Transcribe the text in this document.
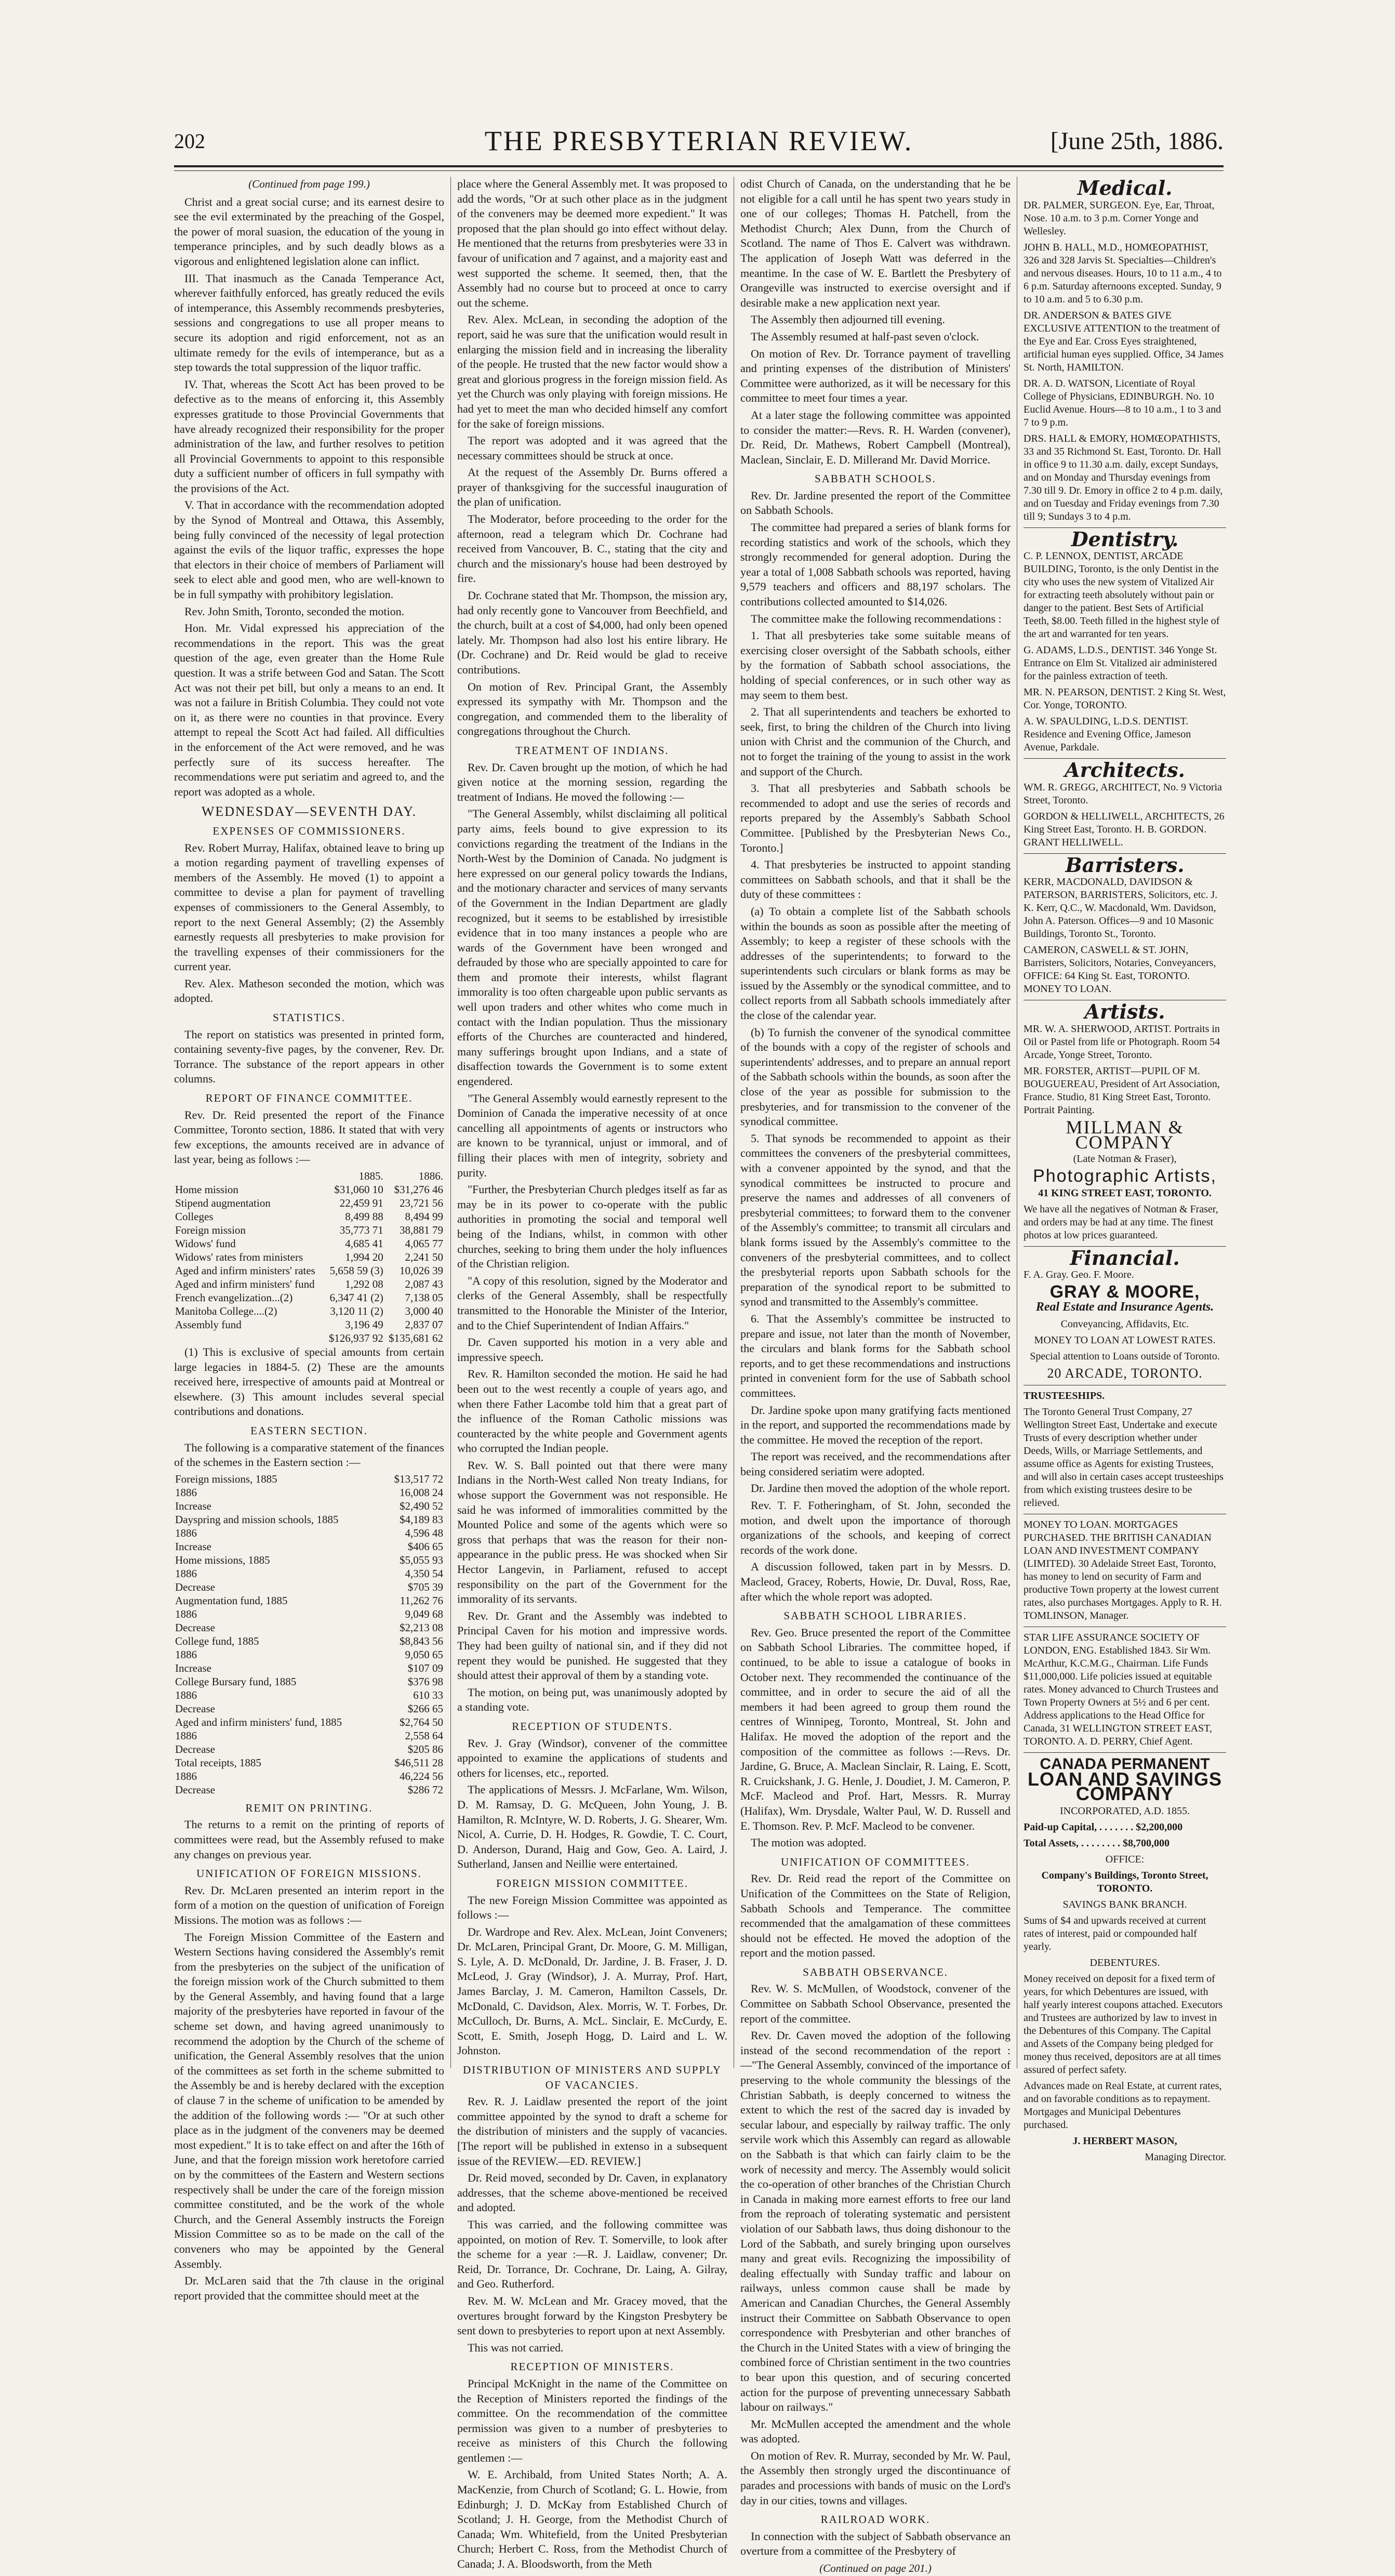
202	THE PRESBYTERIAN REVIEW.	[June 25th, 1886.
(Continued from page 199.)

Christ and a great social curse; and its earnest desire to see the evil exterminated by the preaching of the Gospel, the power of moral suasion, the education of the young in temperance principles, and by such deadly blows as a vigorous and enlightened legislation alone can inflict.

III. That inasmuch as the Canada Temperance Act, wherever faithfully enforced, has greatly reduced the evils of intemperance, this Assembly recommends presbyteries, sessions and congregations to use all proper means to secure its adoption and rigid enforcement, not as an ultimate remedy for the evils of intemperance, but as a step towards the total suppression of the liquor traffic.

IV. That, whereas the Scott Act has been proved to be defective as to the means of enforcing it, this Assembly expresses gratitude to those Provincial Governments that have already recognized their responsibility for the proper administration of the law, and further resolves to petition all Provincial Governments to appoint to this responsible duty a sufficient number of officers in full sympathy with the provisions of the Act.

V. That in accordance with the recommendation adopted by the Synod of Montreal and Ottawa, this Assembly, being fully convinced of the necessity of legal protection against the evils of the liquor traffic, expresses the hope that electors in their choice of members of Parliament will seek to elect able and good men, who are well-known to be in full sympathy with prohibitory legislation.

Rev. John Smith, Toronto, seconded the motion.

Hon. Mr. Vidal expressed his appreciation of the recommendations in the report. This was the great question of the age, even greater than the Home Rule question. It was a strife between God and Satan. The Scott Act was not their pet bill, but only a means to an end. It was not a failure in British Columbia. They could not vote on it, as there were no counties in that province. Every attempt to repeal the Scott Act had failed. All difficulties in the enforcement of the Act were removed, and he was perfectly sure of its success hereafter. The recommendations were put seriatim and agreed to, and the report was adopted as a whole.

WEDNESDAY—SEVENTH DAY.
EXPENSES OF COMMISSIONERS.

Rev. Robert Murray, Halifax, obtained leave to bring up a motion regarding payment of travelling expenses of members of the Assembly. He moved (1) to appoint a committee to devise a plan for payment of travelling expenses of commissioners to the General Assembly, to report to the next General Assembly; (2) the Assembly earnestly requests all presbyteries to make provision for the travelling expenses of their commissioners for the current year.

Rev. Alex. Matheson seconded the motion, which was adopted.

STATISTICS.

The report on statistics was presented in printed form, containing seventy-five pages, by the convener, Rev. Dr. Torrance. The substance of the report appears in other columns.

REPORT OF FINANCE COMMITTEE.

Rev. Dr. Reid presented the report of the Finance Committee, Toronto section, 1886. It stated that with very few exceptions, the amounts received are in advance of last year, being as follows :—

	1885.	1886.
Home mission	$31,060 10	$31,276 46
Stipend augmentation	22,459 91	23,721 56
Colleges	8,499 88	8,494 99
Foreign mission	35,773 71	38,881 79
Widows' fund	4,685 41	4,065 77
Widows' rates from ministers	1,994 20	2,241 50
Aged and infirm ministers' rates	5,658 59 (3)	10,026 39
Aged and infirm ministers' fund	1,292 08	2,087 43
French evangelization...(2)	6,347 41 (2)	7,138 05
Manitoba College....(2)	3,120 11 (2)	3,000 40
Assembly fund	3,196 49	2,837 07
	$126,937 92	$135,681 62

(1) This is exclusive of special amounts from certain large legacies in 1884-5. (2) These are the amounts received here, irrespective of amounts paid at Montreal or elsewhere. (3) This amount includes several special contributions and donations.

EASTERN SECTION.

The following is a comparative statement of the finances of the schemes in the Eastern section :—

Foreign missions, 1885	$13,517 72
1886	16,008 24
Increase	$2,490 52
Dayspring and mission schools, 1885	$4,189 83
1886	4,596 48
Increase	$406 65
Home missions, 1885	$5,055 93
1886	4,350 54
Decrease	$705 39
Augmentation fund, 1885	11,262 76
1886	9,049 68
Decrease	$2,213 08
College fund, 1885	$8,843 56
1886	9,050 65
Increase	$107 09
College Bursary fund, 1885	$376 98
1886	610 33
Decrease	$266 65
Aged and infirm ministers' fund, 1885	$2,764 50
1886	2,558 64
Decrease	$205 86
Total receipts, 1885	$46,511 28
1886	46,224 56
Decrease	$286 72
REMIT ON PRINTING.

The returns to a remit on the printing of reports of committees were read, but the Assembly refused to make any changes on previous year.

UNIFICATION OF FOREIGN MISSIONS.

Rev. Dr. McLaren presented an interim report in the form of a motion on the question of unification of Foreign Missions. The motion was as follows :—

The Foreign Mission Committee of the Eastern and Western Sections having considered the Assembly's remit from the presbyteries on the subject of the unification of the foreign mission work of the Church submitted to them by the General Assembly, and having found that a large majority of the presbyteries have reported in favour of the scheme set down, and having agreed unanimously to recommend the adoption by the Church of the scheme of unification, the General Assembly resolves that the union of the committees as set forth in the scheme submitted to the Assembly be and is hereby declared with the exception of clause 7 in the scheme of unification to be amended by the addition of the following words :— "Or at such other place as in the judgment of the conveners may be deemed most expedient." It is to take effect on and after the 16th of June, and that the foreign mission work heretofore carried on by the committees of the Eastern and Western sections respectively shall be under the care of the foreign mission committee constituted, and be the work of the whole Church, and the General Assembly instructs the Foreign Mission Committee so as to be made on the call of the conveners who may be appointed by the General Assembly.

Dr. McLaren said that the 7th clause in the original report provided that the committee should meet at the

place where the General Assembly met. It was proposed to add the words, "Or at such other place as in the judgment of the conveners may be deemed more expedient." It was proposed that the plan should go into effect without delay. He mentioned that the returns from presbyteries were 33 in favour of unification and 7 against, and a majority east and west supported the scheme. It seemed, then, that the Assembly had no course but to proceed at once to carry out the scheme.

Rev. Alex. McLean, in seconding the adoption of the report, said he was sure that the unification would result in enlarging the mission field and in increasing the liberality of the people. He trusted that the new factor would show a great and glorious progress in the foreign mission field. As yet the Church was only playing with foreign missions. He had yet to meet the man who decided himself any comfort for the sake of foreign missions.

The report was adopted and it was agreed that the necessary committees should be struck at once.

At the request of the Assembly Dr. Burns offered a prayer of thanksgiving for the successful inauguration of the plan of unification.

The Moderator, before proceeding to the order for the afternoon, read a telegram which Dr. Cochrane had received from Vancouver, B. C., stating that the city and church and the missionary's house had been destroyed by fire.

Dr. Cochrane stated that Mr. Thompson, the mission ary, had only recently gone to Vancouver from Beechfield, and the church, built at a cost of $4,000, had only been opened lately. Mr. Thompson had also lost his entire library. He (Dr. Cochrane) and Dr. Reid would be glad to receive contributions.

On motion of Rev. Principal Grant, the Assembly expressed its sympathy with Mr. Thompson and the congregation, and commended them to the liberality of congregations throughout the Church.

TREATMENT OF INDIANS.

Rev. Dr. Caven brought up the motion, of which he had given notice at the morning session, regarding the treatment of Indians. He moved the following :—

"The General Assembly, whilst disclaiming all political party aims, feels bound to give expression to its convictions regarding the treatment of the Indians in the North-West by the Dominion of Canada. No judgment is here expressed on our general policy towards the Indians, and the motionary character and services of many servants of the Government in the Indian Department are gladly recognized, but it seems to be established by irresistible evidence that in too many instances a people who are wards of the Government have been wronged and defrauded by those who are specially appointed to care for them and promote their interests, whilst flagrant immorality is too often chargeable upon public servants as well upon traders and other whites who come much in contact with the Indian population. Thus the missionary efforts of the Churches are counteracted and hindered, many sufferings brought upon Indians, and a state of disaffection towards the Government is to some extent engendered.

"The General Assembly would earnestly represent to the Dominion of Canada the imperative necessity of at once cancelling all appointments of agents or instructors who are known to be tyrannical, unjust or immoral, and of filling their places with men of integrity, sobriety and purity.

"Further, the Presbyterian Church pledges itself as far as may be in its power to co-operate with the public authorities in promoting the social and temporal well being of the Indians, whilst, in common with other churches, seeking to bring them under the holy influences of the Christian religion.

"A copy of this resolution, signed by the Moderator and clerks of the General Assembly, shall be respectfully transmitted to the Honorable the Minister of the Interior, and to the Chief Superintendent of Indian Affairs."

Dr. Caven supported his motion in a very able and impressive speech.

Rev. R. Hamilton seconded the motion. He said he had been out to the west recently a couple of years ago, and when there Father Lacombe told him that a great part of the influence of the Roman Catholic missions was counteracted by the white people and Government agents who corrupted the Indian people.

Rev. W. S. Ball pointed out that there were many Indians in the North-West called Non treaty Indians, for whose support the Government was not responsible. He said he was informed of immoralities committed by the Mounted Police and some of the agents which were so gross that perhaps that was the reason for their non-appearance in the public press. He was shocked when Sir Hector Langevin, in Parliament, refused to accept responsibility on the part of the Government for the immorality of its servants.

Rev. Dr. Grant and the Assembly was indebted to Principal Caven for his motion and impressive words. They had been guilty of national sin, and if they did not repent they would be punished. He suggested that they should attest their approval of them by a standing vote.

The motion, on being put, was unanimously adopted by a standing vote.

RECEPTION OF STUDENTS.

Rev. J. Gray (Windsor), convener of the committee appointed to examine the applications of students and others for licenses, etc., reported.

The applications of Messrs. J. McFarlane, Wm. Wilson, D. M. Ramsay, D. G. McQueen, John Young, J. B. Hamilton, R. McIntyre, W. D. Roberts, J. G. Shearer, Wm. Nicol, A. Currie, D. H. Hodges, R. Gowdie, T. C. Court, D. Anderson, Durand, Haig and Gow, Geo. A. Laird, J. Sutherland, Jansen and Neillie were entertained.

FOREIGN MISSION COMMITTEE.

The new Foreign Mission Committee was appointed as follows :—

Dr. Wardrope and Rev. Alex. McLean, Joint Conveners; Dr. McLaren, Principal Grant, Dr. Moore, G. M. Milligan, S. Lyle, A. D. McDonald, Dr. Jardine, J. B. Fraser, J. D. McLeod, J. Gray (Windsor), J. A. Murray, Prof. Hart, James Barclay, J. M. Cameron, Hamilton Cassels, Dr. McDonald, C. Davidson, Alex. Morris, W. T. Forbes, Dr. McCulloch, Dr. Burns, A. McL. Sinclair, E. McCurdy, E. Scott, E. Smith, Joseph Hogg, D. Laird and L. W. Johnston.

DISTRIBUTION OF MINISTERS AND SUPPLY OF VACANCIES.

Rev. R. J. Laidlaw presented the report of the joint committee appointed by the synod to draft a scheme for the distribution of ministers and the supply of vacancies. [The report will be published in extenso in a subsequent issue of the REVIEW.—ED. REVIEW.]

Dr. Reid moved, seconded by Dr. Caven, in explanatory addresses, that the scheme above-mentioned be received and adopted.

This was carried, and the following committee was appointed, on motion of Rev. T. Somerville, to look after the scheme for a year :—R. J. Laidlaw, convener; Dr. Reid, Dr. Torrance, Dr. Cochrane, Dr. Laing, A. Gilray, and Geo. Rutherford.

Rev. M. W. McLean and Mr. Gracey moved, that the overtures brought forward by the Kingston Presbytery be sent down to presbyteries to report upon at next Assembly.

This was not carried.

RECEPTION OF MINISTERS.

Principal McKnight in the name of the Committee on the Reception of Ministers reported the findings of the committee. On the recommendation of the committee permission was given to a number of presbyteries to receive as ministers of this Church the following gentlemen :—

W. E. Archibald, from United States North; A. A. MacKenzie, from Church of Scotland; G. L. Howie, from Edinburgh; J. D. McKay from Established Church of Scotland; J. H. George, from the Methodist Church of Canada; Wm. Whitefield, from the United Presbyterian Church; Herbert C. Ross, from the Methodist Church of Canada; J. A. Bloodsworth, from the Meth

odist Church of Canada, on the understanding that he be not eligible for a call until he has spent two years study in one of our colleges; Thomas H. Patchell, from the Methodist Church; Alex Dunn, from the Church of Scotland. The name of Thos E. Calvert was withdrawn. The application of Joseph Watt was deferred in the meantime. In the case of W. E. Bartlett the Presbytery of Orangeville was instructed to exercise oversight and if desirable make a new application next year.

The Assembly then adjourned till evening.

The Assembly resumed at half-past seven o'clock.

On motion of Rev. Dr. Torrance payment of travelling and printing expenses of the distribution of Ministers' Committee were authorized, as it will be necessary for this committee to meet four times a year.

At a later stage the following committee was appointed to consider the matter:—Revs. R. H. Warden (convener), Dr. Reid, Dr. Mathews, Robert Campbell (Montreal), Maclean, Sinclair, E. D. Millerand Mr. David Morrice.

SABBATH SCHOOLS.

Rev. Dr. Jardine presented the report of the Committee on Sabbath Schools.

The committee had prepared a series of blank forms for recording statistics and work of the schools, which they strongly recommended for general adoption. During the year a total of 1,008 Sabbath schools was reported, having 9,579 teachers and officers and 88,197 scholars. The contributions collected amounted to $14,026.

The committee make the following recommendations :

1. That all presbyteries take some suitable means of exercising closer oversight of the Sabbath schools, either by the formation of Sabbath school associations, the holding of special conferences, or in such other way as may seem to them best.

2. That all superintendents and teachers be exhorted to seek, first, to bring the children of the Church into living union with Christ and the communion of the Church, and not to forget the training of the young to assist in the work and support of the Church.

3. That all presbyteries and Sabbath schools be recommended to adopt and use the series of records and reports prepared by the Assembly's Sabbath School Committee. [Published by the Presbyterian News Co., Toronto.]

4. That presbyteries be instructed to appoint standing committees on Sabbath schools, and that it shall be the duty of these committees :

(a) To obtain a complete list of the Sabbath schools within the bounds as soon as possible after the meeting of Assembly; to keep a register of these schools with the addresses of the superintendents; to forward to the superintendents such circulars or blank forms as may be issued by the Assembly or the synodical committee, and to collect reports from all Sabbath schools immediately after the close of the calendar year.

(b) To furnish the convener of the synodical committee of the bounds with a copy of the register of schools and superintendents' addresses, and to prepare an annual report of the Sabbath schools within the bounds, as soon after the close of the year as possible for submission to the presbyteries, and for transmission to the convener of the synodical committee.

5. That synods be recommended to appoint as their committees the conveners of the presbyterial committees, with a convener appointed by the synod, and that the synodical committees be instructed to procure and preserve the names and addresses of all conveners of presbyterial committees; to forward them to the convener of the Assembly's committee; to transmit all circulars and blank forms issued by the Assembly's committee to the conveners of the presbyterial committees, and to collect the presbyterial reports upon Sabbath schools for the preparation of the synodical report to be submitted to synod and transmitted to the Assembly's committee.

6. That the Assembly's committee be instructed to prepare and issue, not later than the month of November, the circulars and blank forms for the Sabbath school reports, and to get these recommendations and instructions printed in convenient form for the use of Sabbath school committees.

Dr. Jardine spoke upon many gratifying facts mentioned in the report, and supported the recommendations made by the committee. He moved the reception of the report.

The report was received, and the recommendations after being considered seriatim were adopted.

Dr. Jardine then moved the adoption of the whole report.

Rev. T. F. Fotheringham, of St. John, seconded the motion, and dwelt upon the importance of thorough organizations of the schools, and keeping of correct records of the work done.

A discussion followed, taken part in by Messrs. D. Macleod, Gracey, Roberts, Howie, Dr. Duval, Ross, Rae, after which the whole report was adopted.

SABBATH SCHOOL LIBRARIES.

Rev. Geo. Bruce presented the report of the Committee on Sabbath School Libraries. The committee hoped, if continued, to be able to issue a catalogue of books in October next. They recommended the continuance of the committee, and in order to secure the aid of all the members it had been agreed to group them round the centres of Winnipeg, Toronto, Montreal, St. John and Halifax. He moved the adoption of the report and the composition of the committee as follows :—Revs. Dr. Jardine, G. Bruce, A. Maclean Sinclair, R. Laing, E. Scott, R. Cruickshank, J. G. Henle, J. Doudiet, J. M. Cameron, P. McF. Macleod and Prof. Hart, Messrs. R. Murray (Halifax), Wm. Drysdale, Walter Paul, W. D. Russell and E. Thomson. Rev. P. McF. Macleod to be convener.

The motion was adopted.

UNIFICATION OF COMMITTEES.

Rev. Dr. Reid read the report of the Committee on Unification of the Committees on the State of Religion, Sabbath Schools and Temperance. The committee recommended that the amalgamation of these committees should not be effected. He moved the adoption of the report and the motion passed.

SABBATH OBSERVANCE.

Rev. W. S. McMullen, of Woodstock, convener of the Committee on Sabbath School Observance, presented the report of the committee.

Rev. Dr. Caven moved the adoption of the following instead of the second recommendation of the report :—"The General Assembly, convinced of the importance of preserving to the whole community the blessings of the Christian Sabbath, is deeply concerned to witness the extent to which the rest of the sacred day is invaded by secular labour, and especially by railway traffic. The only servile work which this Assembly can regard as allowable on the Sabbath is that which can fairly claim to be the work of necessity and mercy. The Assembly would solicit the co-operation of other branches of the Christian Church in Canada in making more earnest efforts to free our land from the reproach of tolerating systematic and persistent violation of our Sabbath laws, thus doing dishonour to the Lord of the Sabbath, and surely bringing upon ourselves many and great evils. Recognizing the impossibility of dealing effectually with Sunday traffic and labour on railways, unless common cause shall be made by American and Canadian Churches, the General Assembly instruct their Committee on Sabbath Observance to open correspondence with Presbyterian and other branches of the Church in the United States with a view of bringing the combined force of Christian sentiment in the two countries to bear upon this question, and of securing concerted action for the purpose of preventing unnecessary Sabbath labour on railways."

Mr. McMullen accepted the amendment and the whole was adopted.

On motion of Rev. R. Murray, seconded by Mr. W. Paul, the Assembly then strongly urged the discontinuance of parades and processions with bands of music on the Lord's day in our cities, towns and villages.

RAILROAD WORK.

In connection with the subject of Sabbath observance an overture from a committee of the Presbytery of

(Continued on page 201.)
Medical.
DR. PALMER, SURGEON. Eye, Ear, Throat, Nose. 10 a.m. to 3 p.m. Corner Yonge and Wellesley.
JOHN B. HALL, M.D., HOMŒOPATHIST, 326 and 328 Jarvis St. Specialties—Children's and nervous diseases. Hours, 10 to 11 a.m., 4 to 6 p.m. Saturday afternoons excepted. Sunday, 9 to 10 a.m. and 5 to 6.30 p.m.
DR. ANDERSON & BATES GIVE EXCLUSIVE ATTENTION to the treatment of the Eye and Ear. Cross Eyes straightened, artificial human eyes supplied. Office, 34 James St. North, HAMILTON.
DR. A. D. WATSON, Licentiate of Royal College of Physicians, EDINBURGH. No. 10 Euclid Avenue. Hours—8 to 10 a.m., 1 to 3 and 7 to 9 p.m.
DRS. HALL & EMORY, HOMŒOPATHISTS, 33 and 35 Richmond St. East, Toronto. Dr. Hall in office 9 to 11.30 a.m. daily, except Sundays, and on Monday and Thursday evenings from 7.30 till 9. Dr. Emory in office 2 to 4 p.m. daily, and on Tuesday and Friday evenings from 7.30 till 9; Sundays 3 to 4 p.m.
Dentistry.
C. P. LENNOX, DENTIST, ARCADE BUILDING, Toronto, is the only Dentist in the city who uses the new system of Vitalized Air for extracting teeth absolutely without pain or danger to the patient. Best Sets of Artificial Teeth, $8.00. Teeth filled in the highest style of the art and warranted for ten years.
G. ADAMS, L.D.S., DENTIST. 346 Yonge St. Entrance on Elm St. Vitalized air administered for the painless extraction of teeth.
MR. N. PEARSON, DENTIST. 2 King St. West, Cor. Yonge, TORONTO.
A. W. SPAULDING, L.D.S. DENTIST. Residence and Evening Office, Jameson Avenue, Parkdale.
Architects.
WM. R. GREGG, ARCHITECT, No. 9 Victoria Street, Toronto.
GORDON & HELLIWELL, ARCHITECTS, 26 King Street East, Toronto. H. B. GORDON. GRANT HELLIWELL.
Barristers.
KERR, MACDONALD, DAVIDSON & PATERSON, BARRISTERS, Solicitors, etc. J. K. Kerr, Q.C., W. Macdonald, Wm. Davidson, John A. Paterson. Offices—9 and 10 Masonic Buildings, Toronto St., Toronto.
CAMERON, CASWELL & ST. JOHN, Barristers, Solicitors, Notaries, Conveyancers, OFFICE: 64 King St. East, TORONTO. MONEY TO LOAN.
Artists.
MR. W. A. SHERWOOD, ARTIST. Portraits in Oil or Pastel from life or Photograph. Room 54 Arcade, Yonge Street, Toronto.
MR. FORSTER, ARTIST—PUPIL OF M. BOUGUEREAU, President of Art Association, France. Studio, 81 King Street East, Toronto. Portrait Painting.
MILLMAN & COMPANY
(Late Notman & Fraser),
Photographic Artists,
41 KING STREET EAST, TORONTO.
We have all the negatives of Notman & Fraser, and orders may be had at any time. The finest photos at low prices guaranteed.
Financial.
F. A. Gray. Geo. F. Moore.
GRAY & MOORE,
Real Estate and Insurance Agents.
Conveyancing, Affidavits, Etc.
MONEY TO LOAN AT LOWEST RATES.
Special attention to Loans outside of Toronto.
20 ARCADE, TORONTO.
TRUSTEESHIPS.
The Toronto General Trust Company, 27 Wellington Street East, Undertake and execute Trusts of every description whether under Deeds, Wills, or Marriage Settlements, and assume office as Agents for existing Trustees, and will also in certain cases accept trusteeships from which existing trustees desire to be relieved.
MONEY TO LOAN. MORTGAGES PURCHASED. THE BRITISH CANADIAN LOAN AND INVESTMENT COMPANY (LIMITED). 30 Adelaide Street East, Toronto, has money to lend on security of Farm and productive Town property at the lowest current rates, also purchases Mortgages. Apply to R. H. TOMLINSON, Manager.
STAR LIFE ASSURANCE SOCIETY OF LONDON, ENG. Established 1843. Sir Wm. McArthur, K.C.M.G., Chairman. Life Funds $11,000,000. Life policies issued at equitable rates. Money advanced to Church Trustees and Town Property Owners at 5½ and 6 per cent. Address applications to the Head Office for Canada, 31 WELLINGTON STREET EAST, TORONTO. A. D. PERRY, Chief Agent.
CANADA PERMANENT
LOAN AND SAVINGS COMPANY
INCORPORATED, A.D. 1855.
Paid-up Capital, . . . . . . . $2,200,000
Total Assets, . . . . . . . . $8,700,000
OFFICE:
Company's Buildings, Toronto Street, TORONTO.
SAVINGS BANK BRANCH.
Sums of $4 and upwards received at current rates of interest, paid or compounded half yearly.
DEBENTURES.
Money received on deposit for a fixed term of years, for which Debentures are issued, with half yearly interest coupons attached. Executors and Trustees are authorized by law to invest in the Debentures of this Company. The Capital and Assets of the Company being pledged for money thus received, depositors are at all times assured of perfect safety.
Advances made on Real Estate, at current rates, and on favorable conditions as to repayment. Mortgages and Municipal Debentures purchased.
J. HERBERT MASON,
Managing Director.
